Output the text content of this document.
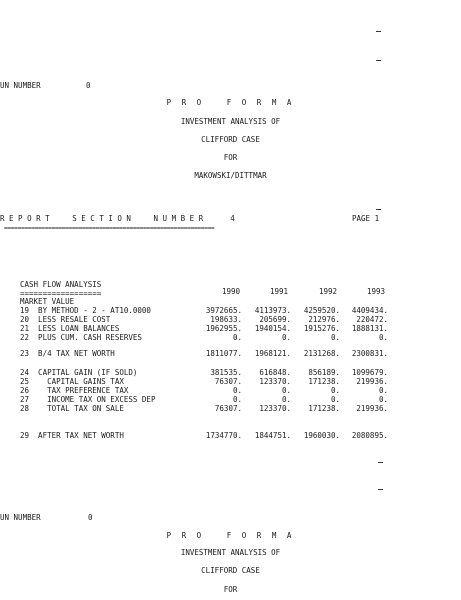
UN NUMBER	0
P R O   F O R M A
INVESTMENT ANALYSIS OF
CLIFFORD CASE
FOR
MAKOWSKI/DITTMAR
R E P O R T     S E C T I O N     N U M B E R      4	PAGE 1
==============================================================
CASH FLOW ANALYSIS
==================	1990	1991	1992	1993
MARKET VALUE
19  BY METHOD - 2 - AT10.0000	3972665.	4113973.	4259520.	4409434.
20  LESS RESALE COST	198633.	205699.	212976.	220472.
21  LESS LOAN BALANCES	1962955.	1940154.	1915276.	1888131.
22  PLUS CUM. CASH RESERVES	0.	0.	0.	0.
23  B/4 TAX NET WORTH	1811077.	1968121.	2131268.	2300831.
24  CAPITAL GAIN (IF SOLD)	381535.	616848.	856189.	1099679.
25    CAPITAL GAINS TAX	76307.	123370.	171238.	219936.
26    TAX PREFERENCE TAX	0.	0.	0.	0.
27    INCOME TAX ON EXCESS DEP	0.	0.	0.	0.
28    TOTAL TAX ON SALE	76307.	123370.	171238.	219936.
29  AFTER TAX NET WORTH	1734770.	1844751.	1960030.	2080895.
UN NUMBER	0
P R O   F O R M A
INVESTMENT ANALYSIS OF
CLIFFORD CASE
FOR
